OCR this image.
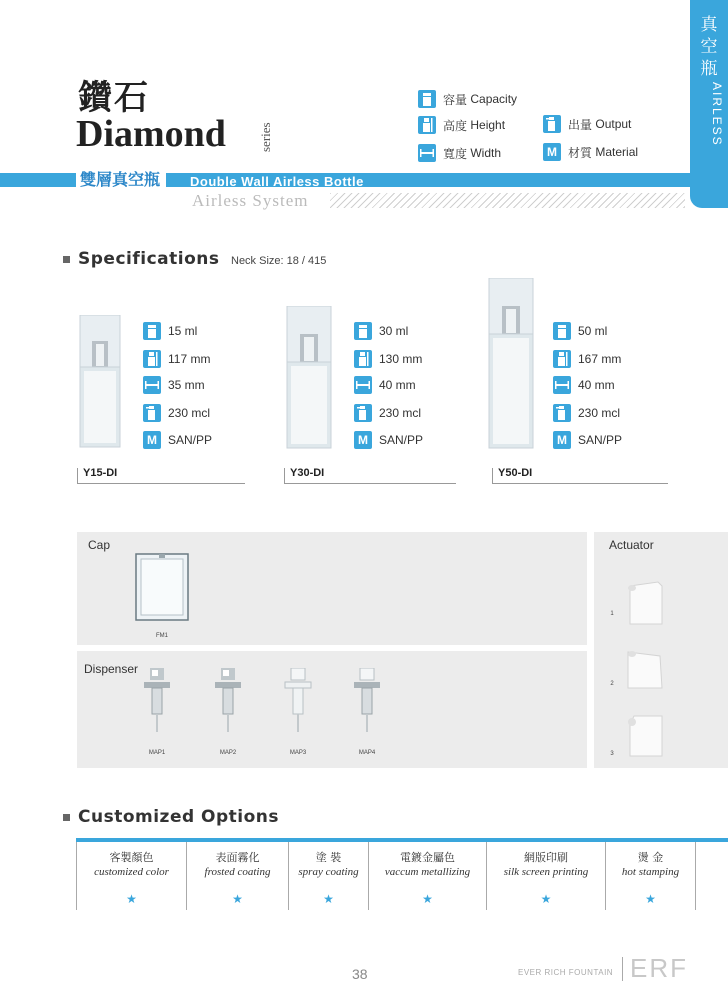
真空瓶
AIRLESS
鑽石
Diamond series
容量
Capacity
高度
Height
寬度
Width
出量
Output
M 材質
Material
雙層真空瓶	Double Wall Airless Bottle
Airless System
Specifications Neck Size: 18 / 415
15 ml
117 mm
35 mm
230 mcl
M SAN/PP
Y15-DI
30 ml
130 mm
40 mm
230 mcl
M SAN/PP
Y30-DI
50 ml
167 mm
40 mm
230 mcl
M SAN/PP
Y50-DI
Cap
FM1
Dispenser
MAP1	MAP2	MAP3	MAP4
Actuator
1
2
3
Customized Options
客製顏色
customized color
★
表面霧化
frosted coating
★
塗 裝
spray coating
★
電鍍金屬色
vaccum metallizing
★
網版印刷
silk screen printing
★
燙 金
hot stamping
★
38	EVER RICH FOUNTAIN ERF
